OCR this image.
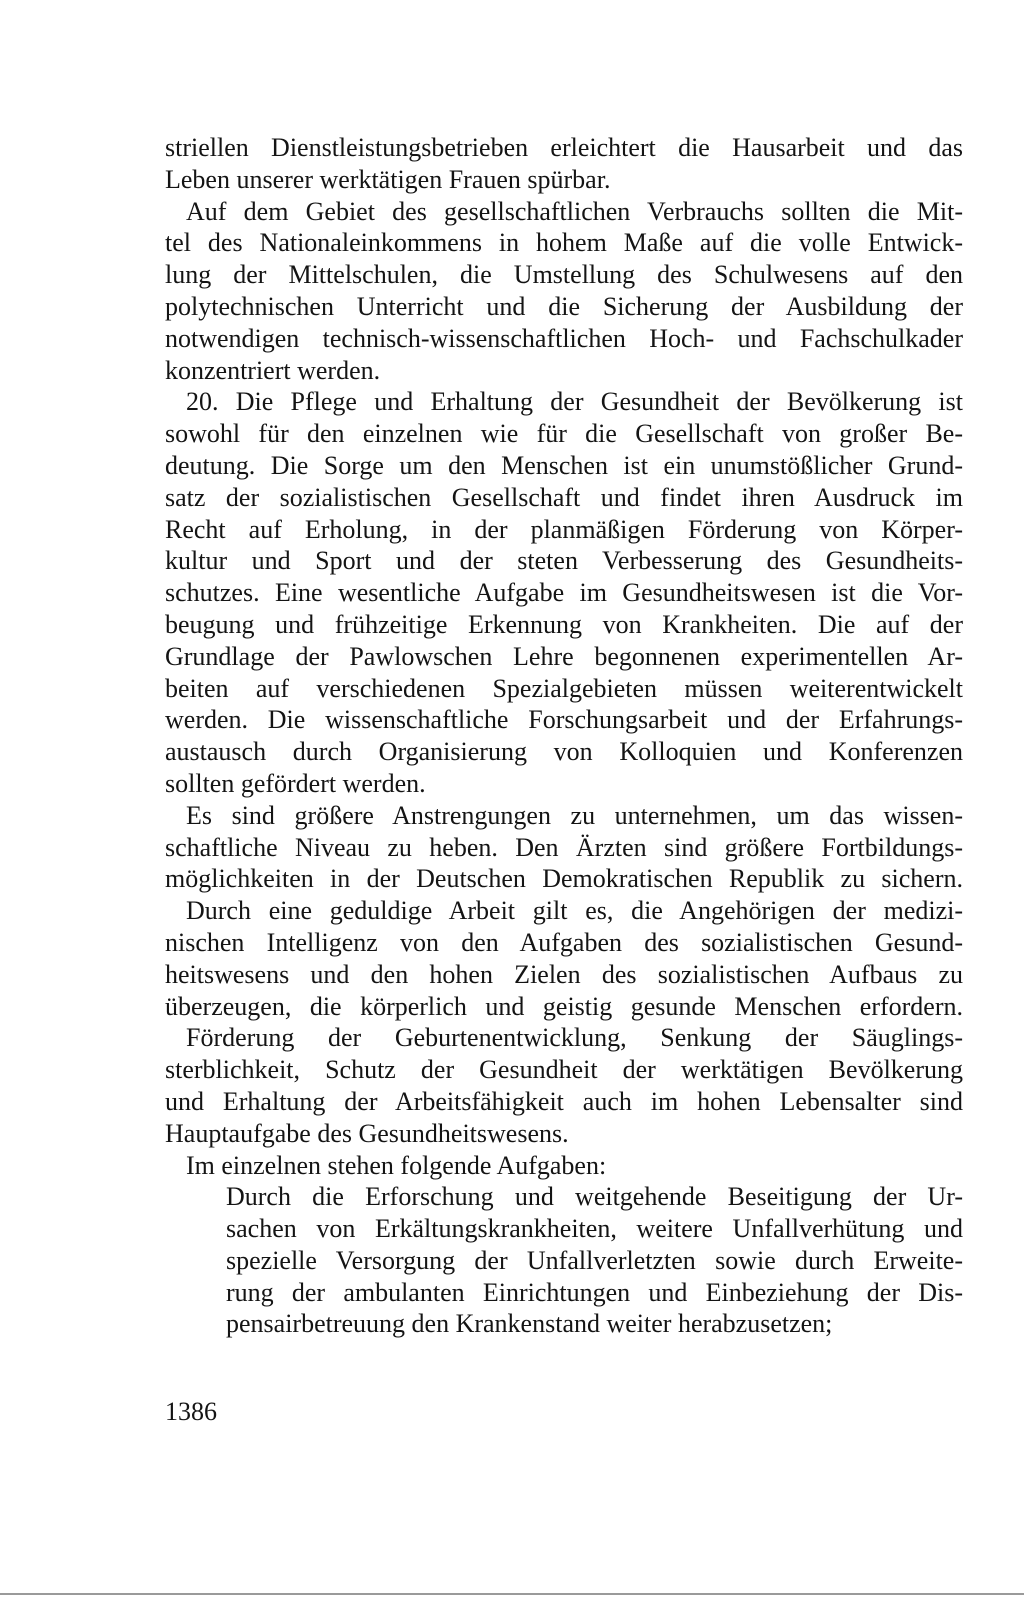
striellen Dienstleistungsbetrieben erleichtert die Hausarbeit und das
Leben unserer werktätigen Frauen spürbar.
Auf dem Gebiet des gesellschaftlichen Verbrauchs sollten die Mit-
tel des Nationaleinkommens in hohem Maße auf die volle Entwick-
lung der Mittelschulen, die Umstellung des Schulwesens auf den
polytechnischen Unterricht und die Sicherung der Ausbildung der
notwendigen technisch-wissenschaftlichen Hoch- und Fachschulkader
konzentriert werden.
20. Die Pflege und Erhaltung der Gesundheit der Bevölkerung ist
sowohl für den einzelnen wie für die Gesellschaft von großer Be-
deutung. Die Sorge um den Menschen ist ein unumstößlicher Grund-
satz der sozialistischen Gesellschaft und findet ihren Ausdruck im
Recht auf Erholung, in der planmäßigen Förderung von Körper-
kultur und Sport und der steten Verbesserung des Gesundheits-
schutzes. Eine wesentliche Aufgabe im Gesundheitswesen ist die Vor-
beugung und frühzeitige Erkennung von Krankheiten. Die auf der
Grundlage der Pawlowschen Lehre begonnenen experimentellen Ar-
beiten auf verschiedenen Spezialgebieten müssen weiterentwickelt
werden. Die wissenschaftliche Forschungsarbeit und der Erfahrungs-
austausch durch Organisierung von Kolloquien und Konferenzen
sollten gefördert werden.
Es sind größere Anstrengungen zu unternehmen, um das wissen-
schaftliche Niveau zu heben. Den Ärzten sind größere Fortbildungs-
möglichkeiten in der Deutschen Demokratischen Republik zu sichern.
Durch eine geduldige Arbeit gilt es, die Angehörigen der medizi-
nischen Intelligenz von den Aufgaben des sozialistischen Gesund-
heitswesens und den hohen Zielen des sozialistischen Aufbaus zu
überzeugen, die körperlich und geistig gesunde Menschen erfordern.
Förderung der Geburtenentwicklung, Senkung der Säuglings-
sterblichkeit, Schutz der Gesundheit der werktätigen Bevölkerung
und Erhaltung der Arbeitsfähigkeit auch im hohen Lebensalter sind
Hauptaufgabe des Gesundheitswesens.
Im einzelnen stehen folgende Aufgaben:
Durch die Erforschung und weitgehende Beseitigung der Ur-
sachen von Erkältungskrankheiten, weitere Unfallverhütung und
spezielle Versorgung der Unfallverletzten sowie durch Erweite-
rung der ambulanten Einrichtungen und Einbeziehung der Dis-
pensairbetreuung den Krankenstand weiter herabzusetzen;
1386
